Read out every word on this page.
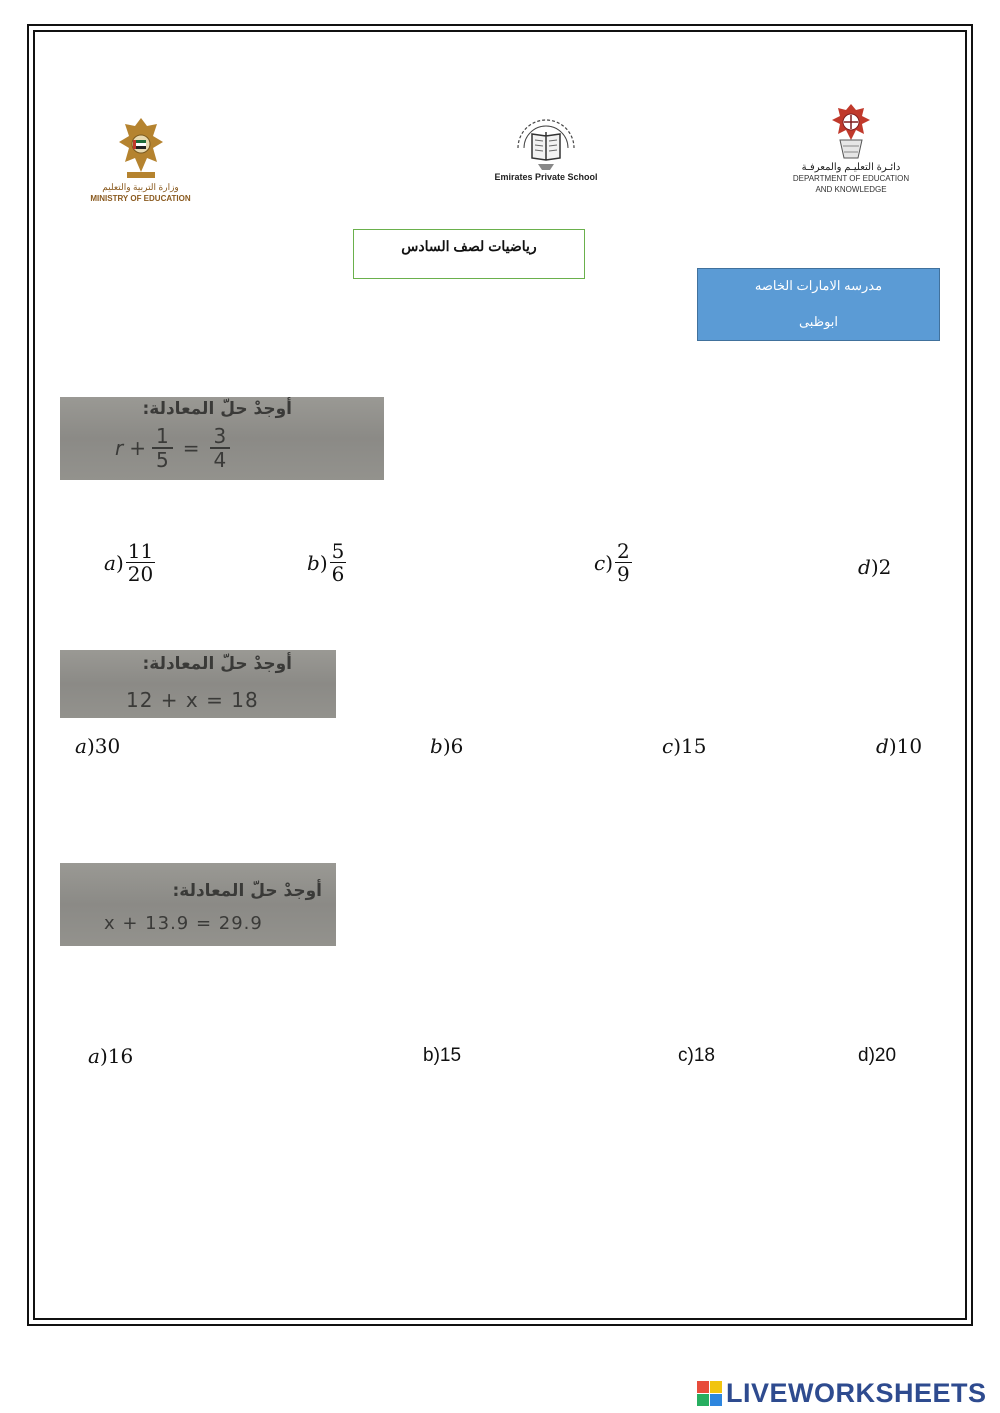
وزارة التربية والتعليم
MINISTRY OF EDUCATION
Emirates Private School
دائـرة التعليـم والمعرفـة
DEPARTMENT OF EDUCATION
AND KNOWLEDGE
رياضيات لصف السادس
مدرسه الامارات الخاصه
ابوظبى
أوجدْ حلّ المعادلة:
$r + \frac{1}{5} = \frac{3}{4}$
a ) $\frac{11}{20}$	b ) $\frac{5}{6}$	c ) $\frac{2}{9}$	d ) 2
أوجدْ حلّ المعادلة:
12 + x = 18
a ) 30	b ) 6	c ) 15	d ) 10
أوجدْ حلّ المعادلة:
x + 13.9 = 29.9
a ) 16	b)15	c)18	d)20
LIVEWORKSHEETS
